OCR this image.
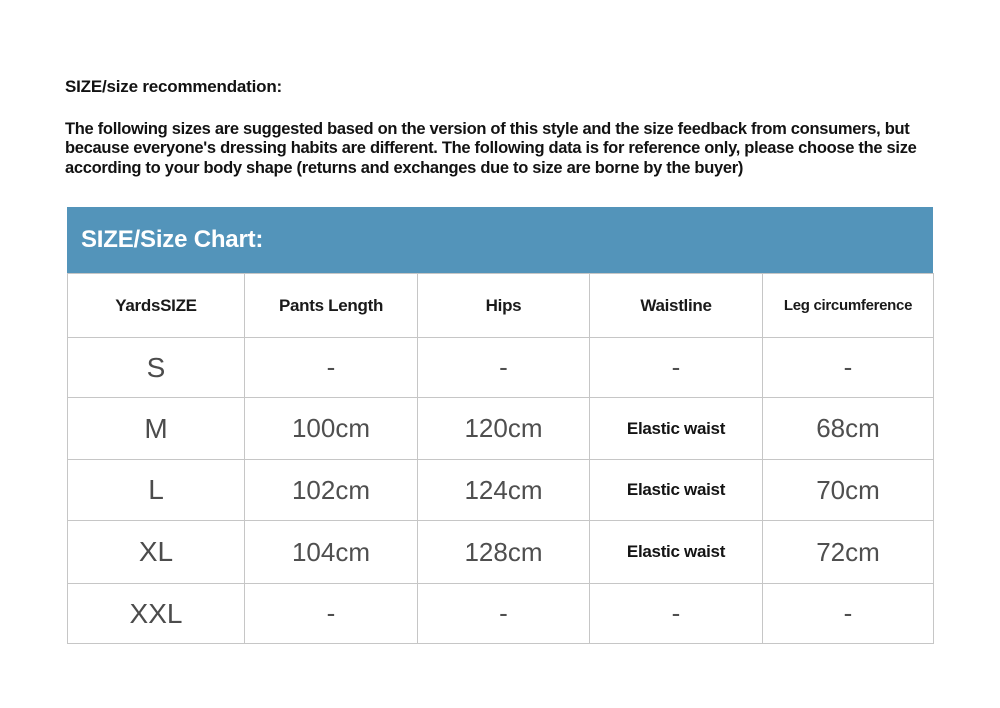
SIZE/size recommendation:

The following sizes are suggested based on the version of this style and the size feedback from consumers, but because everyone's dressing habits are different. The following data is for reference only, please choose the size according to your body shape (returns and exchanges due to size are borne by the buyer)

SIZE/Size Chart:
YardsSIZE	Pants Length	Hips	Waistline	Leg circumference
S	-	-	-	-
M	100cm	120cm	Elastic waist	68cm
L	102cm	124cm	Elastic waist	70cm
XL	104cm	128cm	Elastic waist	72cm
XXL	-	-	-	-
